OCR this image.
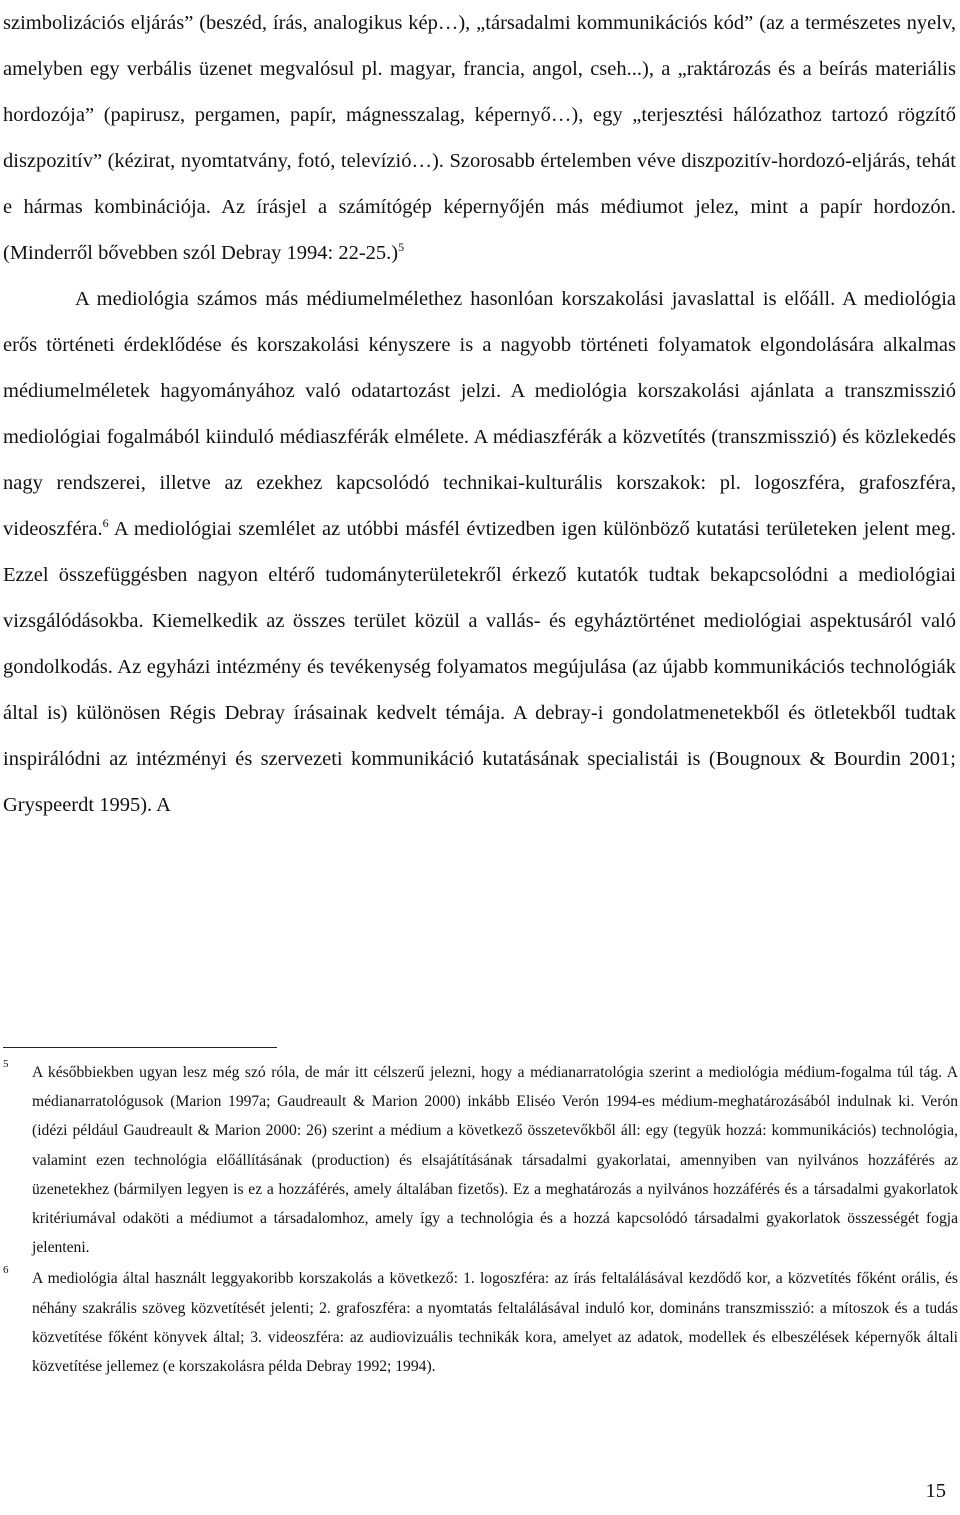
szimbolizációs eljárás” (beszéd, írás, analogikus kép…), „társadalmi kommunikációs kód” (az a természetes nyelv, amelyben egy verbális üzenet megvalósul pl. magyar, francia, angol, cseh...), a „raktározás és a beírás materiális hordozója” (papirusz, pergamen, papír, mágnesszalag, képernyő…), egy „terjesztési hálózathoz tartozó rögzítő diszpozitív” (kézirat, nyomtatvány, fotó, televízió…). Szorosabb értelemben véve diszpozitív-hordozó-eljárás, tehát e hármas kombinációja. Az írásjel a számítógép képernyőjén más médiumot jelez, mint a papír hordozón. (Minderről bővebben szól Debray 1994: 22-25.)$^5$

A mediológia számos más médiumelmélethez hasonlóan korszakolási javaslattal is előáll. A mediológia erős történeti érdeklődése és korszakolási kényszere is a nagyobb történeti folyamatok elgondolására alkalmas médiumelméletek hagyományához való odatartozást jelzi. A mediológia korszakolási ajánlata a transzmisszió mediológiai fogalmából kiinduló médiaszférák elmélete. A médiaszférák a közvetítés (transzmisszió) és közlekedés nagy rendszerei, illetve az ezekhez kapcsolódó technikai-kulturális korszakok: pl. logoszféra, grafoszféra, videoszféra.$^6$ A mediológiai szemlélet az utóbbi másfél évtizedben igen különböző kutatási területeken jelent meg. Ezzel összefüggésben nagyon eltérő tudományterületekről érkező kutatók tudtak bekapcsolódni a mediológiai vizsgálódásokba. Kiemelkedik az összes terület közül a vallás- és egyháztörténet mediológiai aspektusáról való gondolkodás. Az egyházi intézmény és tevékenység folyamatos megújulása (az újabb kommunikációs technológiák által is) különösen Régis Debray írásainak kedvelt témája. A debray-i gondolatmenetekből és ötletekből tudtak inspirálódni az intézményi és szervezeti kommunikáció kutatásának specialistái is (Bougnoux & Bourdin 2001; Gryspeerdt 1995). A

5 A későbbiekben ugyan lesz még szó róla, de már itt célszerű jelezni, hogy a médianarratológia szerint a mediológia médium-fogalma túl tág. A médianarratológusok (Marion 1997a; Gaudreault & Marion 2000) inkább Eliséo Verón 1994-es médium-meghatározásából indulnak ki. Verón (idézi például Gaudreault & Marion 2000: 26) szerint a médium a következő összetevőkből áll: egy (tegyük hozzá: kommunikációs) technológia, valamint ezen technológia előállításának (production) és elsajátításának társadalmi gyakorlatai, amennyiben van nyilvános hozzáférés az üzenetekhez (bármilyen legyen is ez a hozzáférés, amely általában fizetős). Ez a meghatározás a nyilvános hozzáférés és a társadalmi gyakorlatok kritériumával odaköti a médiumot a társadalomhoz, amely így a technológia és a hozzá kapcsolódó társadalmi gyakorlatok összességét fogja jelenteni.
6 A mediológia által használt leggyakoribb korszakolás a következő: 1. logoszféra: az írás feltalálásával kezdődő kor, a közvetítés főként orális, és néhány szakrális szöveg közvetítését jelenti; 2. grafoszféra: a nyomtatás feltalálásával induló kor, domináns transzmisszió: a mítoszok és a tudás közvetítése főként könyvek által; 3. videoszféra: az audiovizuális technikák kora, amelyet az adatok, modellek és elbeszélések képernyők általi közvetítése jellemez (e korszakolásra példa Debray 1992; 1994).
15
